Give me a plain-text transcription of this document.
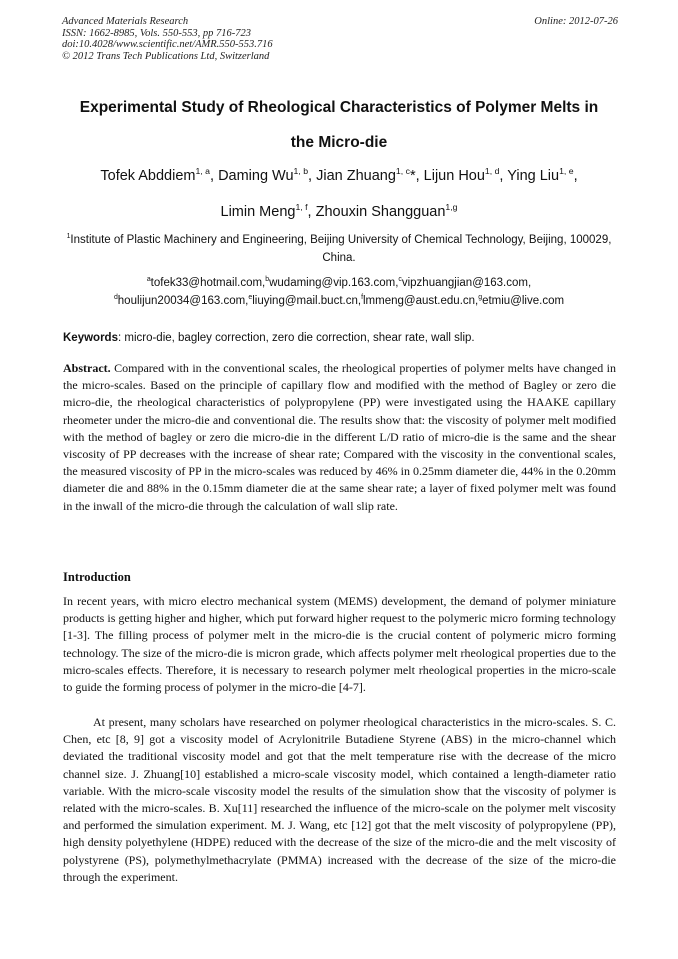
Advanced Materials Research
ISSN: 1662-8985, Vols. 550-553, pp 716-723
doi:10.4028/www.scientific.net/AMR.550-553.716
© 2012 Trans Tech Publications Ltd, Switzerland
Online: 2012-07-26
Experimental Study of Rheological Characteristics of Polymer Melts in
the Micro-die
Tofek Abddiem$^{1, a}$, Daming Wu$^{1, b}$, Jian Zhuang$^{1, c}$*, Lijun Hou$^{1, d}$, Ying Liu$^{1, e}$,
Limin Meng$^{1, f}$, Zhouxin Shangguan$^{1,g}$
$^1$Institute of Plastic Machinery and Engineering, Beijing University of Chemical Technology, Beijing, 100029, China.
$^a$tofek33@hotmail.com,$^b$wudaming@vip.163.com,$^c$vipzhuangjian@163.com,
$^d$houlijun20034@163.com,$^e$liuying@mail.buct.cn,$^f$lmmeng@aust.edu.cn,$^g$etmiu@live.com
Keywords: micro-die, bagley correction, zero die correction, shear rate, wall slip.
Abstract. Compared with in the conventional scales, the rheological properties of polymer melts have changed in the micro-scales. Based on the principle of capillary flow and modified with the method of Bagley or zero die micro-die, the rheological characteristics of polypropylene (PP) were investigated using the HAAKE capillary rheometer under the micro-die and conventional die. The results show that: the viscosity of polymer melt modified with the method of bagley or zero die micro-die in the different L/D ratio of micro-die is the same and the shear viscosity of PP decreases with the increase of shear rate; Compared with the viscosity in the conventional scales, the measured viscosity of PP in the micro-scales was reduced by 46% in 0.25mm diameter die, 44% in the 0.20mm diameter die and 88% in the 0.15mm diameter die at the same shear rate; a layer of fixed polymer melt was found in the inwall of the micro-die through the calculation of wall slip rate.
Introduction
In recent years, with micro electro mechanical system (MEMS) development, the demand of polymer miniature products is getting higher and higher, which put forward higher request to the polymeric micro forming technology [1-3]. The filling process of polymer melt in the micro-die is the crucial content of polymeric micro forming technology. The size of the micro-die is micron grade, which affects polymer melt rheological properties due to the micro-scales effects. Therefore, it is necessary to research polymer melt rheological properties in the micro-scale to guide the forming process of polymer in the micro-die [4-7].
At present, many scholars have researched on polymer rheological characteristics in the micro-scales. S. C. Chen, etc [8, 9] got a viscosity model of Acrylonitrile Butadiene Styrene (ABS) in the micro-channel which deviated the traditional viscosity model and got that the melt temperature rise with the decrease of the micro channel size. J. Zhuang[10] established a micro-scale viscosity model, which contained a length-diameter ratio variable. With the micro-scale viscosity model the results of the simulation show that the viscosity of polymer is related with the micro-scales. B. Xu[11] researched the influence of the micro-scale on the polymer melt viscosity and performed the simulation experiment. M. J. Wang, etc [12] got that the melt viscosity of polypropylene (PP), high density polyethylene (HDPE) reduced with the decrease of the size of the micro-die and the melt viscosity of polystyrene (PS), polymethylmethacrylate (PMMA) increased with the decrease of the size of the micro-die through the experiment.
